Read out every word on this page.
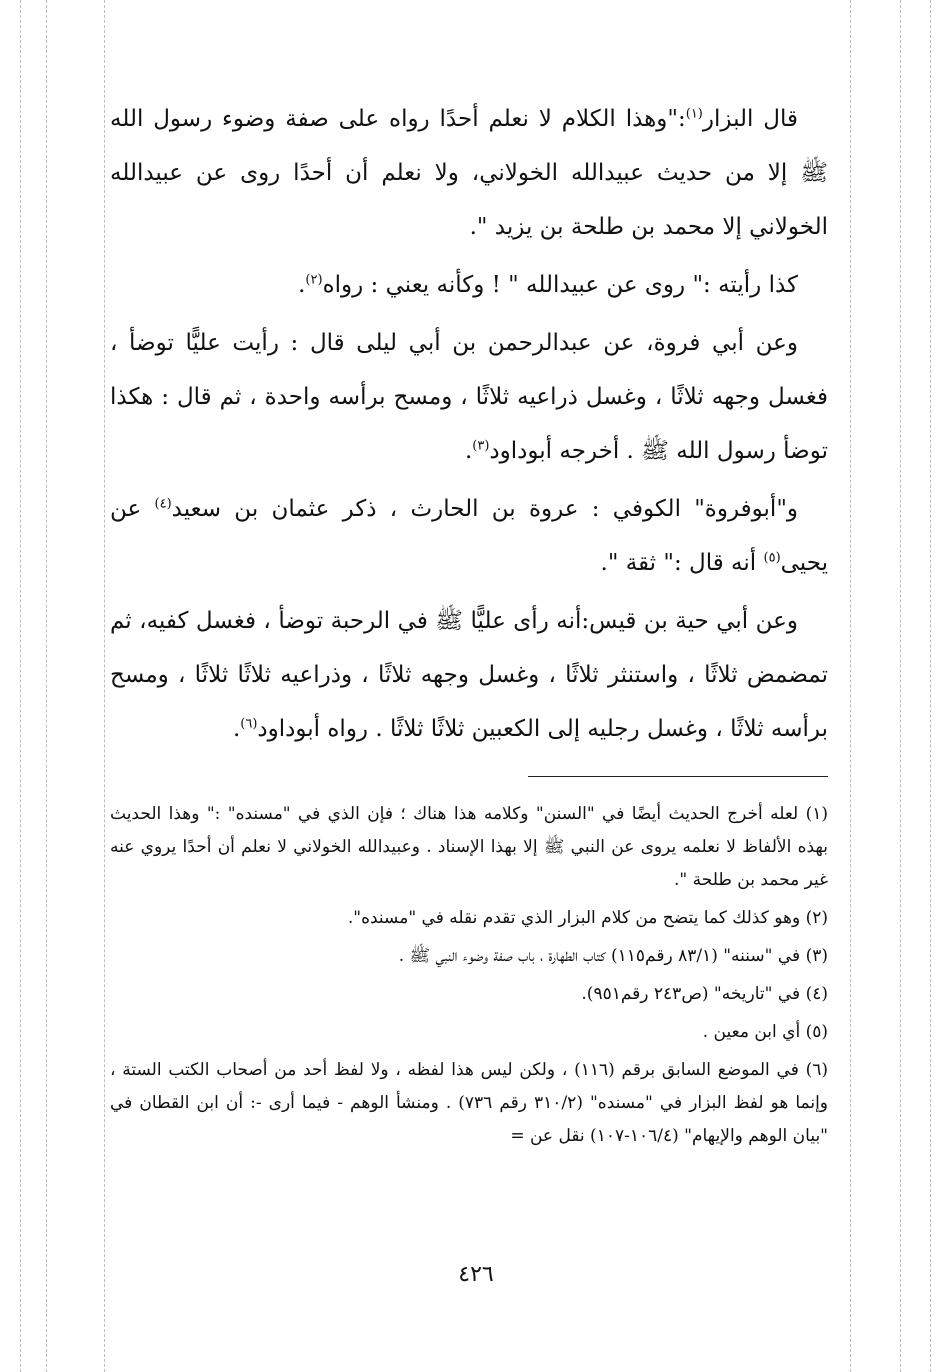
قال البزار$^{(١)}$:"وهذا الكلام لا نعلم أحدًا رواه على صفة وضوء رسول الله ﷺ إلا من حديث عبيدالله الخولاني، ولا نعلم أن أحدًا روى عن عبيدالله الخولاني إلا محمد بن طلحة بن يزيد ".

كذا رأيته :" روى عن عبيدالله " ! وكأنه يعني : رواه$^{(٢)}$.

وعن أبي فروة، عن عبدالرحمن بن أبي ليلى قال : رأيت عليًّا توضأ ، فغسل وجهه ثلاثًا ، وغسل ذراعيه ثلاثًا ، ومسح برأسه واحدة ، ثم قال : هكذا توضأ رسول الله ﷺ . أخرجه أبوداود$^{(٣)}$.

و"أبوفروة" الكوفي : عروة بن الحارث ، ذكر عثمان بن سعيد$^{(٤)}$ عن يحيى$^{(٥)}$ أنه قال :" ثقة ".

وعن أبي حية بن قيس:أنه رأى عليًّا ﷺ في الرحبة توضأ ، فغسل كفيه، ثم تمضمض ثلاثًا ، واستنثر ثلاثًا ، وغسل وجهه ثلاثًا ، وذراعيه ثلاثًا ثلاثًا ، ومسح برأسه ثلاثًا ، وغسل رجليه إلى الكعبين ثلاثًا ثلاثًا . رواه أبوداود$^{(٦)}$.

(١) لعله أخرج الحديث أيضًا في "السنن" وكلامه هذا هناك ؛ فإن الذي في "مسنده" :" وهذا الحديث بهذه الألفاظ لا نعلمه يروى عن النبي ﷺ إلا بهذا الإسناد . وعبيدالله الخولاني لا نعلم أن أحدًا يروي عنه غير محمد بن طلحة ".

(٢) وهو كذلك كما يتضح من كلام البزار الذي تقدم نقله في "مسنده".

(٣) في "سننه" (٨٣/١ رقم١١٥) كتاب الطهارة ، باب صفة وضوء النبي ﷺ .

(٤) في "تاريخه" (ص٢٤٣ رقم٩٥١).

(٥) أي ابن معين .

(٦) في الموضع السابق برقم (١١٦) ، ولكن ليس هذا لفظه ، ولا لفظ أحد من أصحاب الكتب الستة ، وإنما هو لفظ البزار في "مسنده" (٣١٠/٢ رقم ٧٣٦) . ومنشأ الوهم - فيما أرى -: أن ابن القطان في "بيان الوهم والإيهام" (١٠٦/٤-١٠٧) نقل عن =

٤٢٦
